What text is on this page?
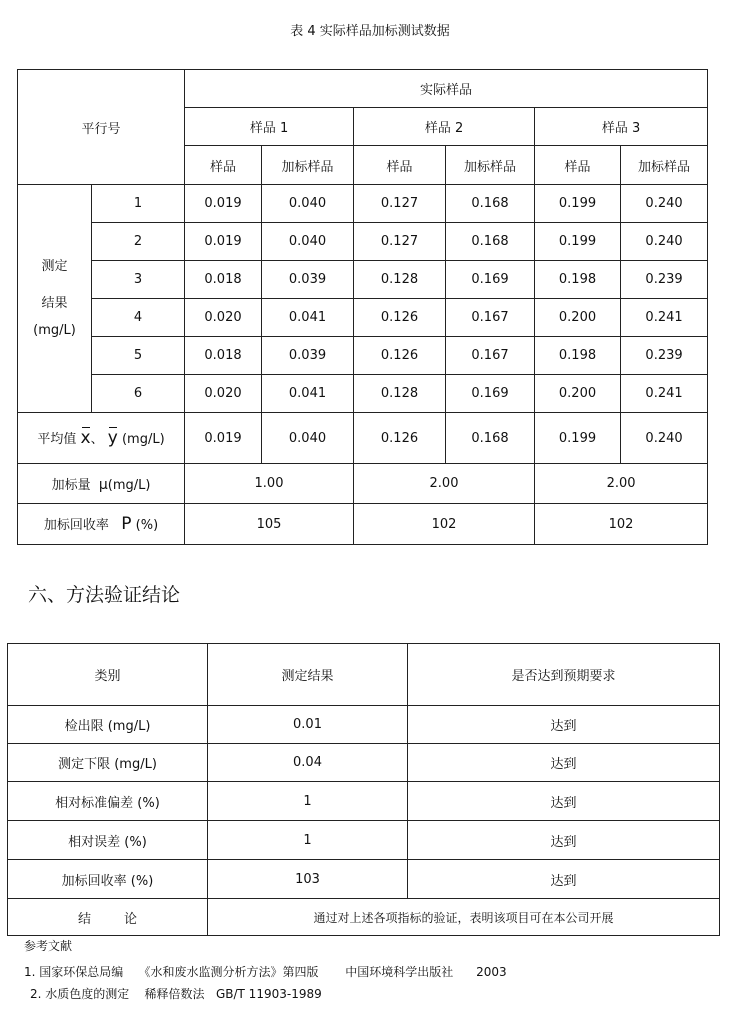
表 4 实际样品加标测试数据
平行号		实际样品					
		样品 1		样品 2		样品 3	
		样品	加标样品	样品	加标样品	样品	加标样品

测定
结果
(mg/L)	1	0.019	0.040	0.127	0.168	0.199	0.240
	2	0.019	0.040	0.127	0.168	0.199	0.240
	3	0.018	0.039	0.128	0.169	0.198	0.239
	4	0.020	0.041	0.126	0.167	0.200	0.241
	5	0.018	0.039	0.126	0.167	0.198	0.239
	6	0.020	0.041	0.128	0.169	0.200	0.241
平均值 x、 y (mg/L)		0.019	0.040	0.126	0.168	0.199	0.240
加标量 μ(mg/L)		1.00		2.00		2.00	
加标回收率 P (%)		105		102		102	
六、方法验证结论
类别	测定结果	是否达到预期要求
检出限 (mg/L)	0.01	达到
测定下限 (mg/L)	0.04	达到
相对标准偏差 (%)	1	达到
相对误差 (%)	1	达到
加标回收率 (%)	103	达到
结        论	通过对上述各项指标的验证，表明该项目可在本公司开展	
参考文献
1. 国家环保总局编    《水和废水监测分析方法》第四版       中国环境科学出版社      2003
2. 水质色度的测定    稀释倍数法   GB/T 11903-1989
